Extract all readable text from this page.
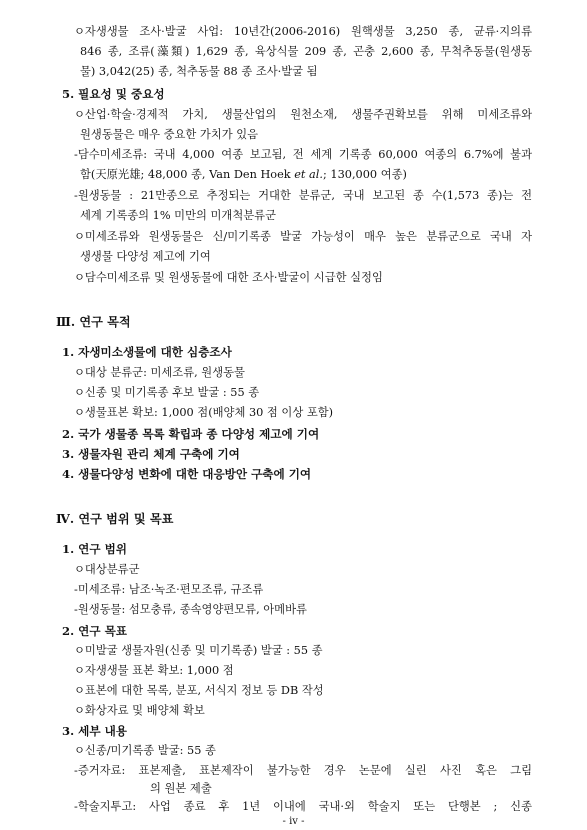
ㅇ자생생물 조사·발굴 사업: 10년간(2006-2016) 원핵생물 3,250 종, 균류·지의류
846 종, 조류(藻類) 1,629 종, 육상식물 209 종, 곤충 2,600 종, 무척추동물(원생동
물) 3,042(25) 종, 척추동물 88 종 조사·발굴 됨
5. 필요성 및 중요성
ㅇ산업·학술·경제적 가치, 생물산업의 원천소재, 생물주권확보를 위해 미세조류와
원생동물은 매우 중요한 가치가 있음
-담수미세조류: 국내 4,000 여종 보고됨, 전 세계 기록종 60,000 여종의 6.7%에 불과
함(天原光雄; 48,000 종, Van Den Hoek et al.; 130,000 여종)
-원생동물 : 21만종으로 추정되는 거대한 분류군, 국내 보고된 종 수(1,573 종)는 전
세계 기록종의 1% 미만의 미개척분류군
ㅇ미세조류와 원생동물은 신/미기록종 발굴 가능성이 매우 높은 분류군으로 국내 자
생생물 다양성 제고에 기여
ㅇ담수미세조류 및 원생동물에 대한 조사·발굴이 시급한 실정임
Ⅲ. 연구 목적
1. 자생미소생물에 대한 심층조사
ㅇ대상 분류군: 미세조류, 원생동물
ㅇ신종 및 미기록종 후보 발굴 : 55 종
ㅇ생물표본 확보: 1,000 점(배양체 30 점 이상 포함)
2. 국가 생물종 목록 확립과 종 다양성 제고에 기여
3. 생물자원 관리 체계 구축에 기여
4. 생물다양성 변화에 대한 대응방안 구축에 기여
Ⅳ. 연구 범위 및 목표
1. 연구 범위
ㅇ대상분류군
-미세조류: 남조·녹조·편모조류, 규조류
-원생동물: 섬모충류, 종속영양편모류, 아메바류
2. 연구 목표
ㅇ미발굴 생물자원(신종 및 미기록종) 발굴 : 55 종
ㅇ자생생물 표본 확보: 1,000 점
ㅇ표본에 대한 목록, 분포, 서식지 정보 등 DB 작성
ㅇ화상자료 및 배양체 확보
3. 세부 내용
ㅇ신종/미기록종 발굴: 55 종
-증거자료: 표본제출, 표본제작이 불가능한 경우 논문에 실린 사진 혹은 그림
의 원본 제출
-학술지투고: 사업 종료 후 1년 이내에 국내·외 학술지 또는 단행본 ; 신종
- iv -
